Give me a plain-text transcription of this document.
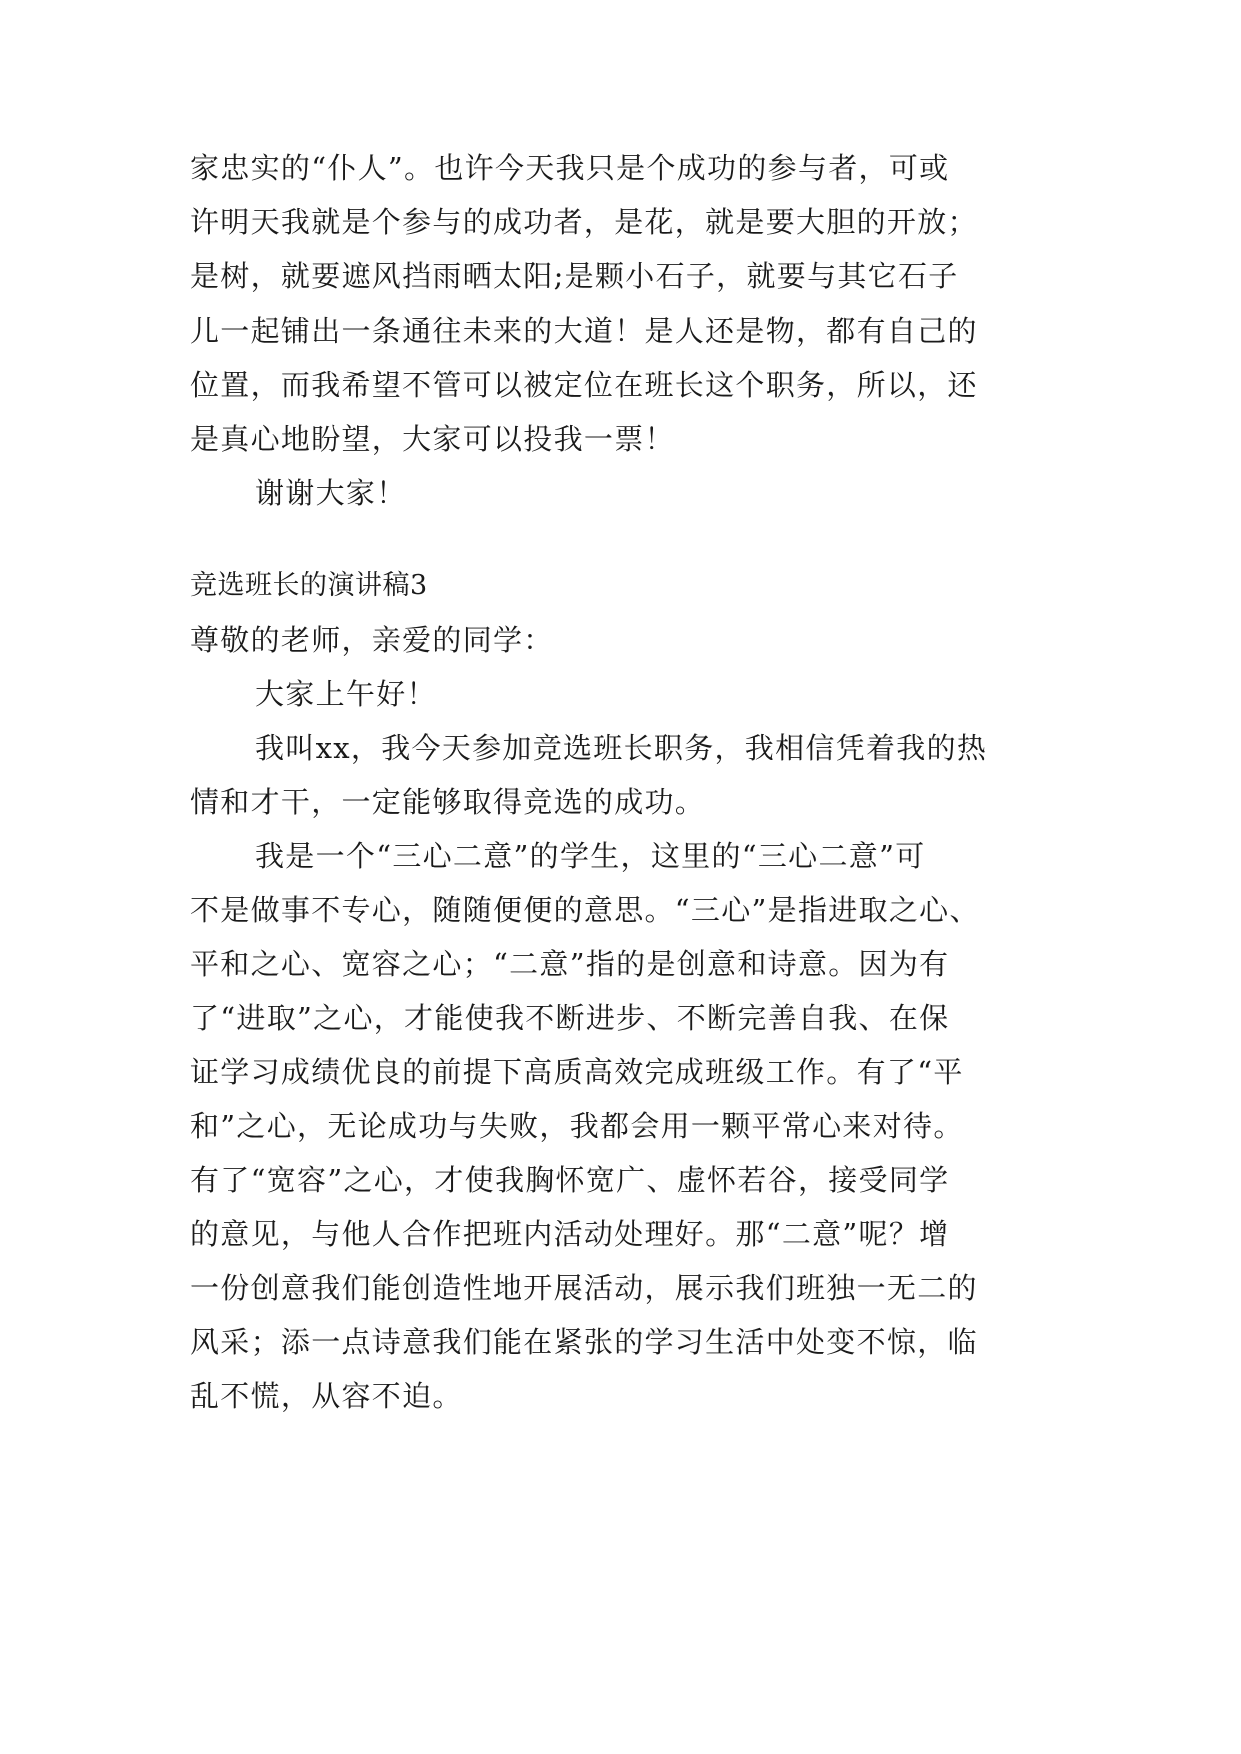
家忠实的“仆人”。也许今天我只是个成功的参与者，可或
许明天我就是个参与的成功者，是花，就是要大胆的开放；
是树，就要遮风挡雨晒太阳;是颗小石子，就要与其它石子
儿一起铺出一条通往未来的大道！是人还是物，都有自己的
位置，而我希望不管可以被定位在班长这个职务，所以，还
是真心地盼望，大家可以投我一票！
谢谢大家！
竞选班长的演讲稿3
尊敬的老师，亲爱的同学：
大家上午好！
我叫xx，我今天参加竞选班长职务，我相信凭着我的热
情和才干，一定能够取得竞选的成功。
我是一个“三心二意”的学生，这里的“三心二意”可
不是做事不专心，随随便便的意思。“三心”是指进取之心、
平和之心、宽容之心；“二意”指的是创意和诗意。因为有
了“进取”之心，才能使我不断进步、不断完善自我、在保
证学习成绩优良的前提下高质高效完成班级工作。有了“平
和”之心，无论成功与失败，我都会用一颗平常心来对待。
有了“宽容”之心，才使我胸怀宽广、虚怀若谷，接受同学
的意见，与他人合作把班内活动处理好。那“二意”呢？增
一份创意我们能创造性地开展活动，展示我们班独一无二的
风采；添一点诗意我们能在紧张的学习生活中处变不惊，临
乱不慌，从容不迫。
